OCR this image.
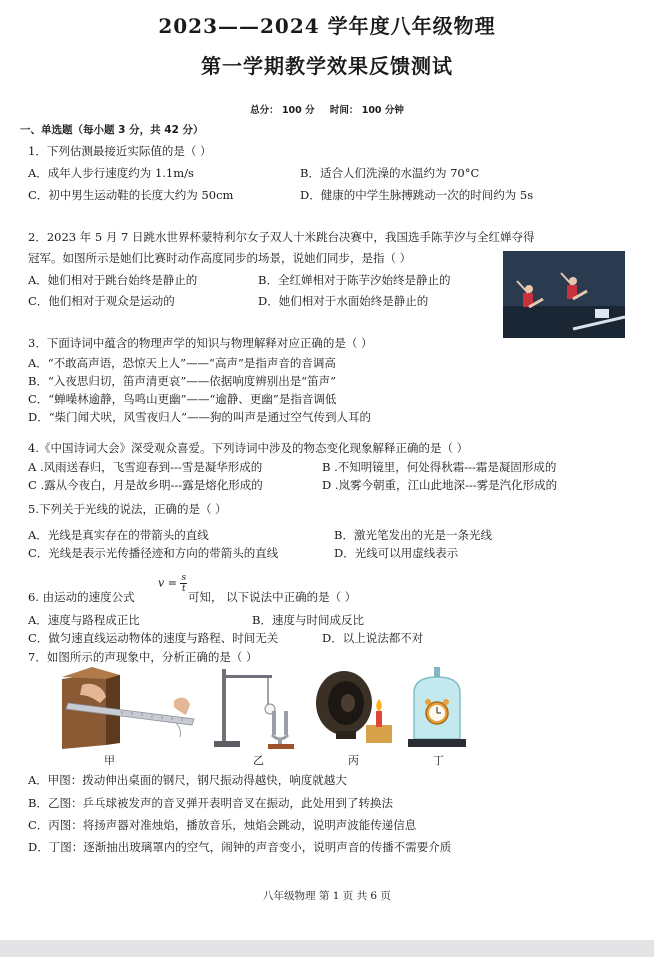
2023——2024 学年度八年级物理
第一学期教学效果反馈测试
总分： 100 分 时间： 100 分钟
一、单选题（每小题 3 分，共 42 分）
1．下列估测最接近实际值的是（ ）
A．成年人步行速度约为 1.1m/s	B．适合人们洗澡的水温约为 70°C
C．初中男生运动鞋的长度大约为 50cm	D．健康的中学生脉搏跳动一次的时间约为 5s
2．2023 年 5 月 7 日跳水世界杯蒙特利尔女子双人十米跳台决赛中，我国选手陈芋汐与全红婵夺得
冠军。如图所示是她们比赛时动作高度同步的场景，说她们同步，是指（ ）
A．她们相对于跳台始终是静止的	B．全红婵相对于陈芋汐始终是静止的
C．他们相对于观众是运动的	D．她们相对于水面始终是静止的
3．下面诗词中蕴含的物理声学的知识与物理解释对应正确的是（ ）
A．“不敢高声语，恐惊天上人”——“高声”是指声音的音调高
B．“入夜思归切，笛声清更哀”——依据响度辨别出是“笛声”
C．“蝉噪林逾静，鸟鸣山更幽”——“逾静、更幽”是指音调低
D．“柴门闻犬吠，风雪夜归人”——狗的叫声是通过空气传到人耳的
4.《中国诗词大会》深受观众喜爱。下列诗词中涉及的物态变化现象解释正确的是（ ）
A .风雨送春归，飞雪迎春到---雪是凝华形成的	B .不知明镜里，何处得秋霜---霜是凝固形成的
C .露从今夜白，月是故乡明---露是熔化形成的	D .岚雾今朝重，江山此地深---雾是汽化形成的
5.下列关于光线的说法，正确的是（ ）
A．光线是真实存在的带箭头的直线	B．激光笔发出的光是一条光线
C．光线是表示光传播径迹和方向的带箭头的直线	D．光线可以用虚线表示
6. 由运动的速度公式
$v = \frac{s}{t}$
可知， 以下说法中正确的是（ ）
A．速度与路程成正比	B．速度与时间成反比
C．做匀速直线运动物体的速度与路程、时间无关	D．以上说法都不对
7．如图所示的声现象中，分析正确的是（ ）
甲	乙	丙	丁
A．甲图：拨动伸出桌面的钢尺，钢尺振动得越快，响度就越大
B．乙图：乒乓球被发声的音叉弹开表明音叉在振动，此处用到了转换法
C．丙图：将扬声器对准烛焰，播放音乐，烛焰会跳动，说明声波能传递信息
D．丁图：逐渐抽出玻璃罩内的空气，闹钟的声音变小，说明声音的传播不需要介质
八年级物理 第 1 页 共 6 页
